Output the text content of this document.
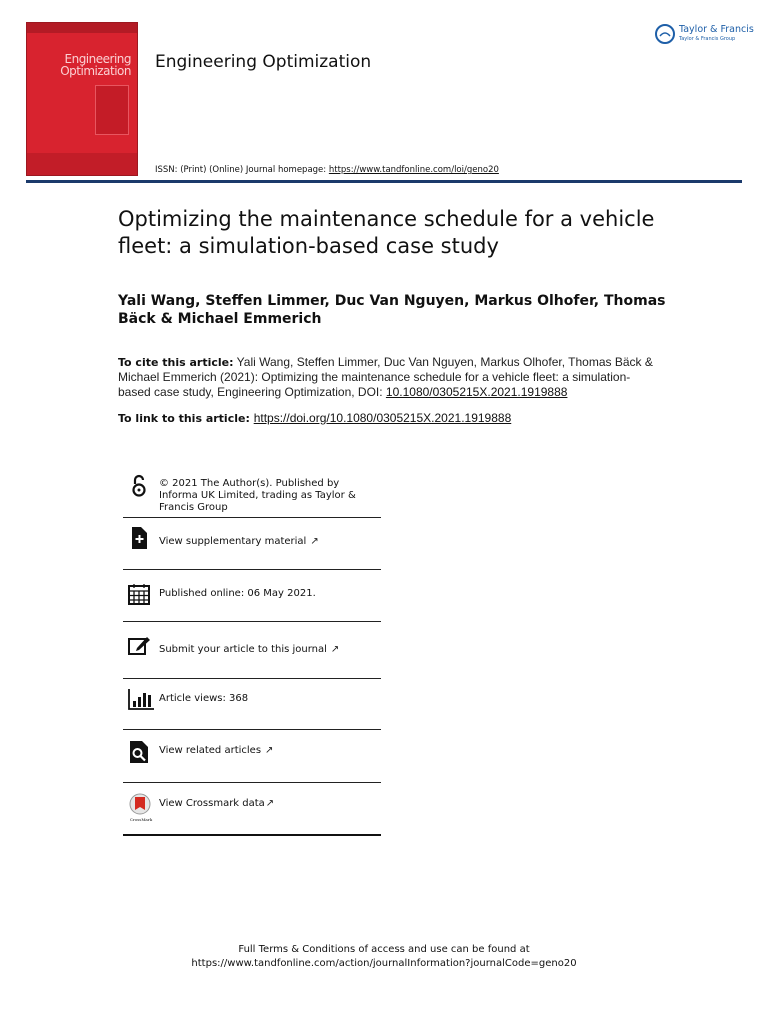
Engineering
Optimization Engineering Optimization
Taylor & Francis
Taylor & Francis Group
ISSN: (Print) (Online) Journal homepage: https://www.tandfonline.com/loi/geno20
Optimizing the maintenance schedule for a vehicle fleet: a simulation-based case study
Yali Wang, Steffen Limmer, Duc Van Nguyen, Markus Olhofer, Thomas Bäck & Michael Emmerich
To cite this article: Yali Wang, Steffen Limmer, Duc Van Nguyen, Markus Olhofer, Thomas Bäck & Michael Emmerich (2021): Optimizing the maintenance schedule for a vehicle fleet: a simulation-based case study, Engineering Optimization, DOI: 10.1080/0305215X.2021.1919888
To link to this article: https://doi.org/10.1080/0305215X.2021.1919888
© 2021 The Author(s). Published by Informa UK Limited, trading as Taylor & Francis Group
View supplementary material ↗
Published online: 06 May 2021.
Submit your article to this journal ↗
Article views: 368
View related articles ↗
CrossMark
View Crossmark data↗
Full Terms & Conditions of access and use can be found at
https://www.tandfonline.com/action/journalInformation?journalCode=geno20
